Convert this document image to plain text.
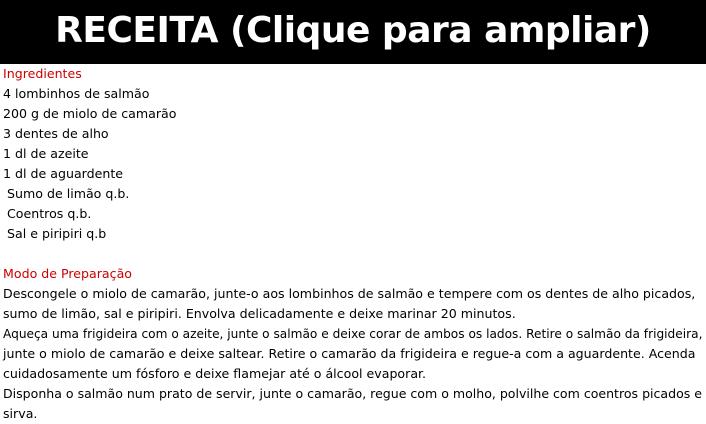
RECEITA (Clique para ampliar)
Ingredientes
4 lombinhos de salmão
200 g de miolo de camarão
3 dentes de alho
1 dl de azeite
1 dl de aguardente
Sumo de limão q.b.
Coentros q.b.
Sal e piripiri q.b
Modo de Preparação
Descongele o miolo de camarão, junte-o aos lombinhos de salmão e tempere com os dentes de alho picados,
sumo de limão, sal e piripiri. Envolva delicadamente e deixe marinar 20 minutos.
Aqueça uma frigideira com o azeite, junte o salmão e deixe corar de ambos os lados. Retire o salmão da frigideira,
junte o miolo de camarão e deixe saltear. Retire o camarão da frigideira e regue-a com a aguardente. Acenda
cuidadosamente um fósforo e deixe flamejar até o álcool evaporar.
Disponha o salmão num prato de servir, junte o camarão, regue com o molho, polvilhe com coentros picados e
sirva.
